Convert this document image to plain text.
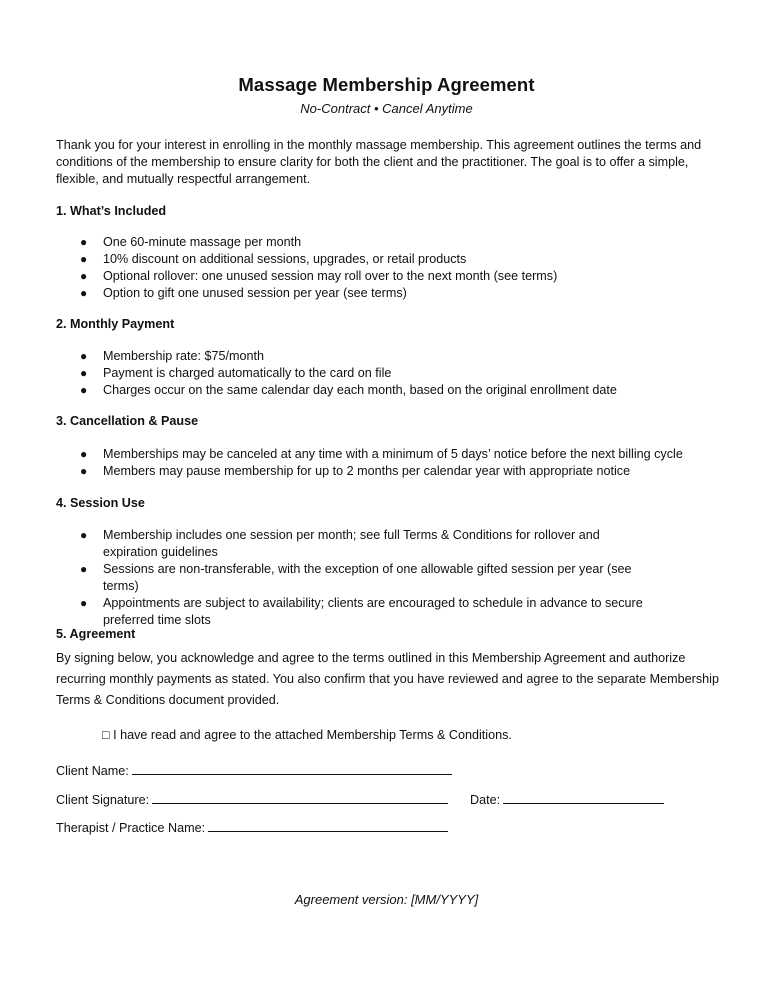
Massage Membership Agreement
No-Contract • Cancel Anytime

Thank you for your interest in enrolling in the monthly massage membership. This agreement outlines the terms and conditions of the membership to ensure clarity for both the client and the practitioner. The goal is to offer a simple, flexible, and mutually respectful arrangement.

1. What’s Included
● One 60-minute massage per month
● 10% discount on additional sessions, upgrades, or retail products
● Optional rollover: one unused session may roll over to the next month (see terms)
● Option to gift one unused session per year (see terms)
2. Monthly Payment
● Membership rate: $75/month
● Payment is charged automatically to the card on file
● Charges occur on the same calendar day each month, based on the original enrollment date
3. Cancellation & Pause
● Memberships may be canceled at any time with a minimum of 5 days’ notice before the next billing cycle
● Members may pause membership for up to 2 months per calendar year with appropriate notice
4. Session Use
● Membership includes one session per month; see full Terms & Conditions for rollover and expiration guidelines
● Sessions are non-transferable, with the exception of one allowable gifted session per year (see terms)
● Appointments are subject to availability; clients are encouraged to schedule in advance to secure preferred time slots
5. Agreement

By signing below, you acknowledge and agree to the terms outlined in this Membership Agreement and authorize recurring monthly payments as stated. You also confirm that you have reviewed and agree to the separate Membership Terms & Conditions document provided.

□ I have read and agree to the attached Membership Terms & Conditions.
Client Name:
Client Signature:	Date:
Therapist / Practice Name:
Agreement version: [MM/YYYY]
